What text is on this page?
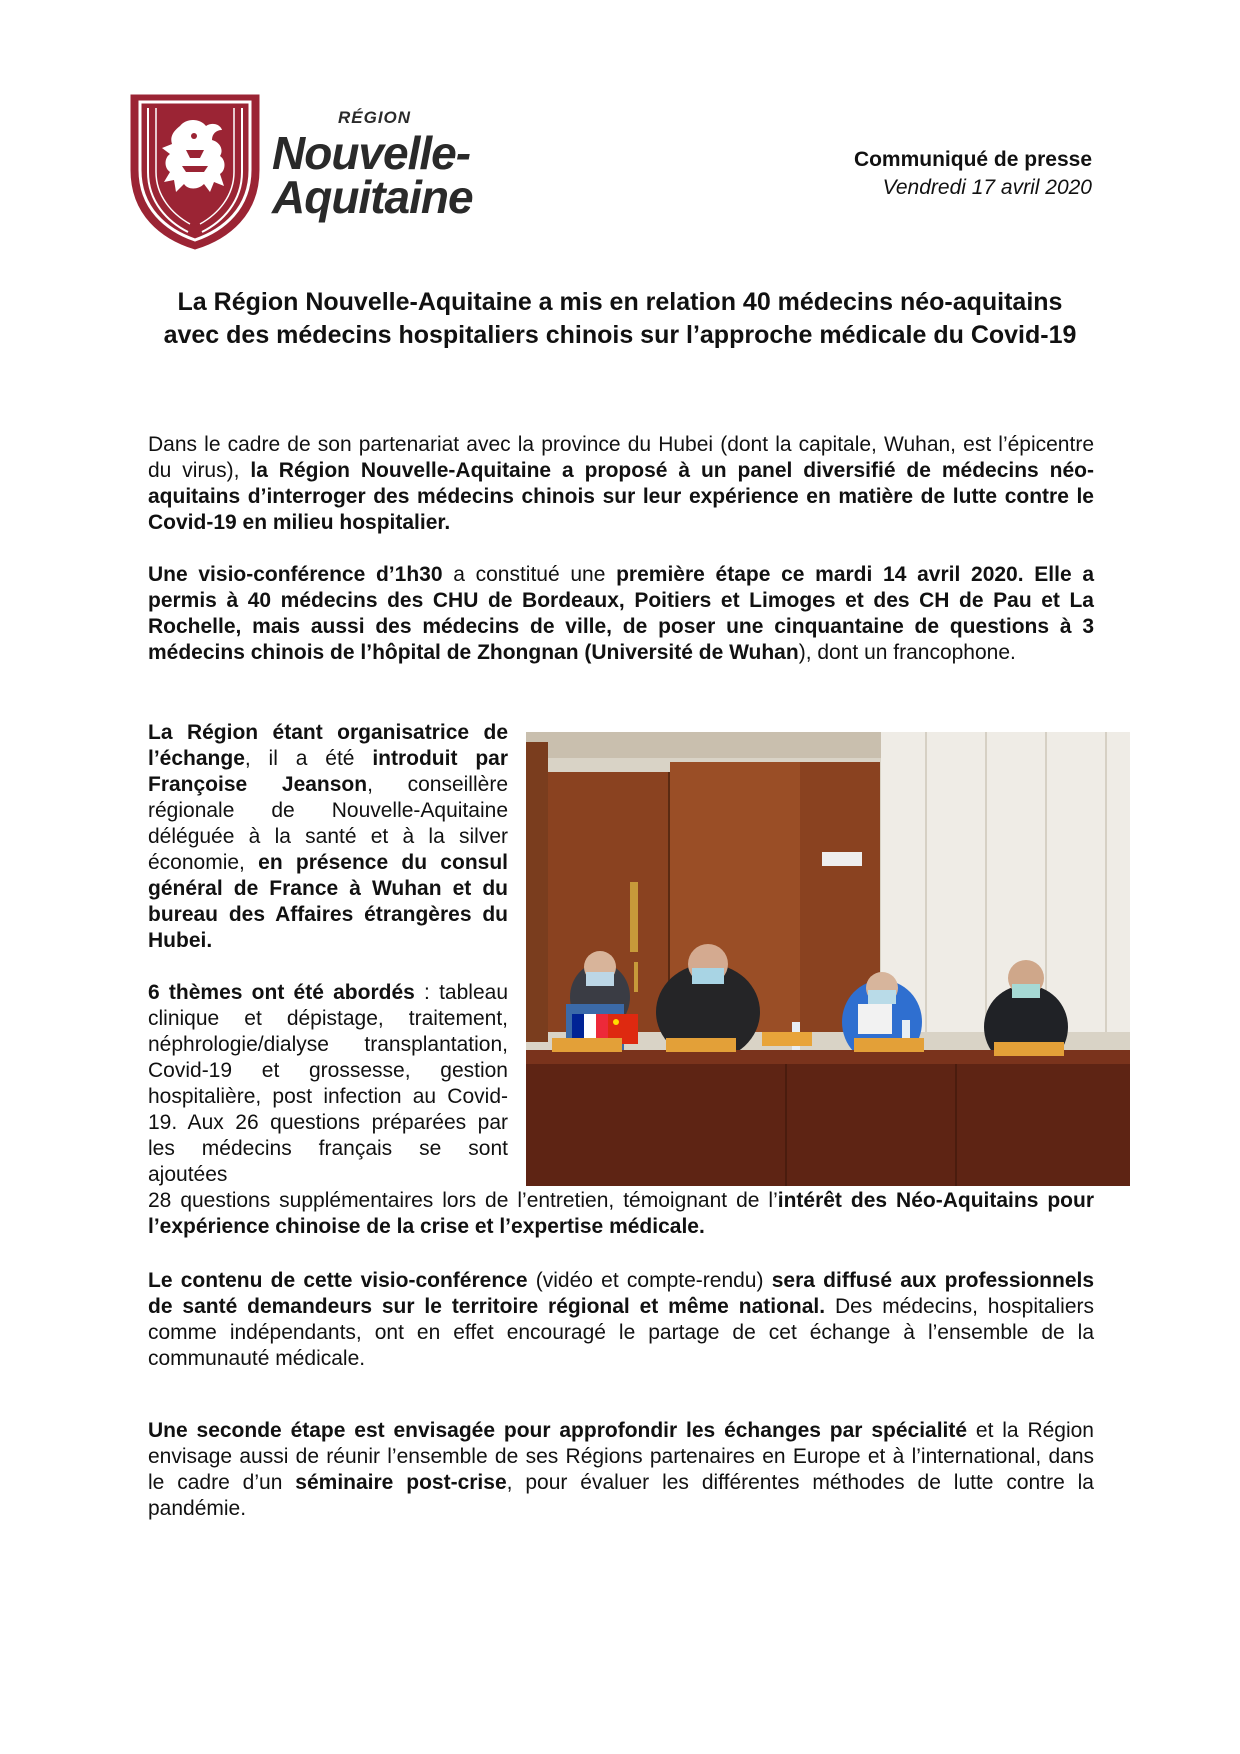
RÉGION
Nouvelle-
Aquitaine
Communiqué de presse
Vendredi 17 avril 2020
La Région Nouvelle-Aquitaine a mis en relation 40 médecins néo-aquitains avec des médecins hospitaliers chinois sur l’approche médicale du Covid-19
Dans le cadre de son partenariat avec la province du Hubei (dont la capitale, Wuhan, est l’épicentre du virus), la Région Nouvelle-Aquitaine a proposé à un panel diversifié de médecins néo-aquitains d’interroger des médecins chinois sur leur expérience en matière de lutte contre le Covid-19 en milieu hospitalier.
Une visio-conférence d’1h30 a constitué une première étape ce mardi 14 avril 2020. Elle a permis à 40 médecins des CHU de Bordeaux, Poitiers et Limoges et des CH de Pau et La Rochelle, mais aussi des médecins de ville, de poser une cinquantaine de questions à 3 médecins chinois de l’hôpital de Zhongnan (Université de Wuhan), dont un francophone.
La Région étant organisatrice de l’échange, il a été introduit par Françoise Jeanson, conseillère régionale de Nouvelle-Aquitaine déléguée à la santé et à la silver économie, en présence du consul général de France à Wuhan et du bureau des Affaires étrangères du Hubei.
6 thèmes ont été abordés : tableau clinique et dépistage, traitement, néphrologie/dialyse transplantation, Covid-19 et grossesse, gestion hospitalière, post infection au Covid-19. Aux 26 questions préparées par les médecins français se sont ajoutées
28 questions supplémentaires lors de l’entretien, témoignant de l’intérêt des Néo-Aquitains pour l’expérience chinoise de la crise et l’expertise médicale.
Le contenu de cette visio-conférence (vidéo et compte-rendu) sera diffusé aux professionnels de santé demandeurs sur le territoire régional et même national. Des médecins, hospitaliers comme indépendants, ont en effet encouragé le partage de cet échange à l’ensemble de la communauté médicale.
Une seconde étape est envisagée pour approfondir les échanges par spécialité et la Région envisage aussi de réunir l’ensemble de ses Régions partenaires en Europe et à l’international, dans le cadre d’un séminaire post-crise, pour évaluer les différentes méthodes de lutte contre la pandémie.
